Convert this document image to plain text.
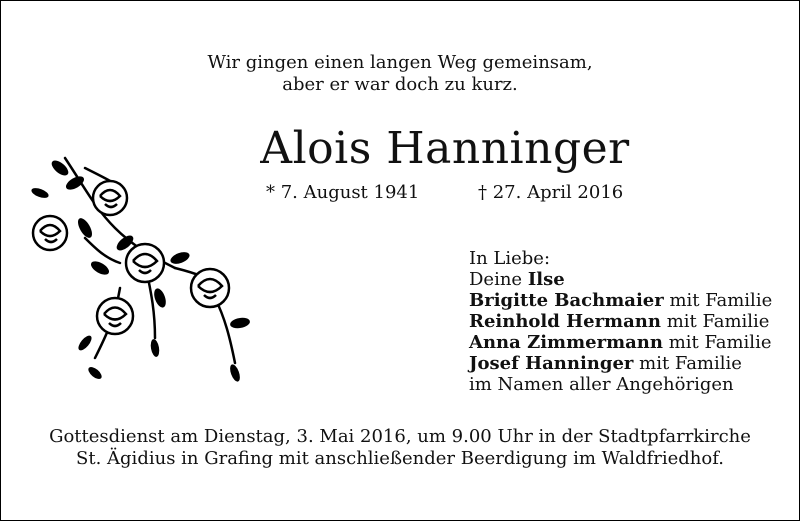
Wir gingen einen langen Weg gemeinsam,
aber er war doch zu kurz.
Alois Hanninger
* 7. August 1941	† 27. April 2016
In Liebe:
Deine Ilse
Brigitte Bachmaier mit Familie
Reinhold Hermann mit Familie
Anna Zimmermann mit Familie
Josef Hanninger mit Familie
im Namen aller Angehörigen
Gottesdienst am Dienstag, 3. Mai 2016, um 9.00 Uhr in der Stadtpfarrkirche
St. Ägidius in Grafing mit anschließender Beerdigung im Waldfriedhof.
